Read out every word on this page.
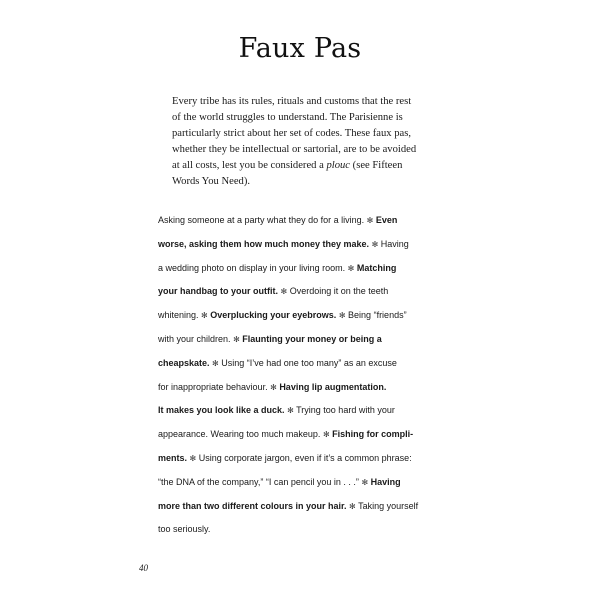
Faux Pas
Every tribe has its rules, rituals and customs that the rest
of the world struggles to understand. The Parisienne is
particularly strict about her set of codes. These faux pas,
whether they be intellectual or sartorial, are to be avoided
at all costs, lest you be considered a plouc (see Fifteen
Words You Need).
Asking someone at a party what they do for a living. ✻ Even
worse, asking them how much money they make. ✻ Having
a wedding photo on display in your living room. ✻ Matching
your handbag to your outfit. ✻ Overdoing it on the teeth
whitening. ✻ Overplucking your eyebrows. ✻ Being “friends”
with your children. ✻ Flaunting your money or being a
cheapskate. ✻ Using “I’ve had one too many” as an excuse
for inappropriate behaviour. ✻ Having lip augmentation.
It makes you look like a duck. ✻ Trying too hard with your
appearance. Wearing too much makeup. ✻ Fishing for compli-
ments. ✻ Using corporate jargon, even if it’s a common phrase:
“the DNA of the company,” “I can pencil you in . . .” ✻ Having
more than two different colours in your hair. ✻ Taking yourself
too seriously.
40
